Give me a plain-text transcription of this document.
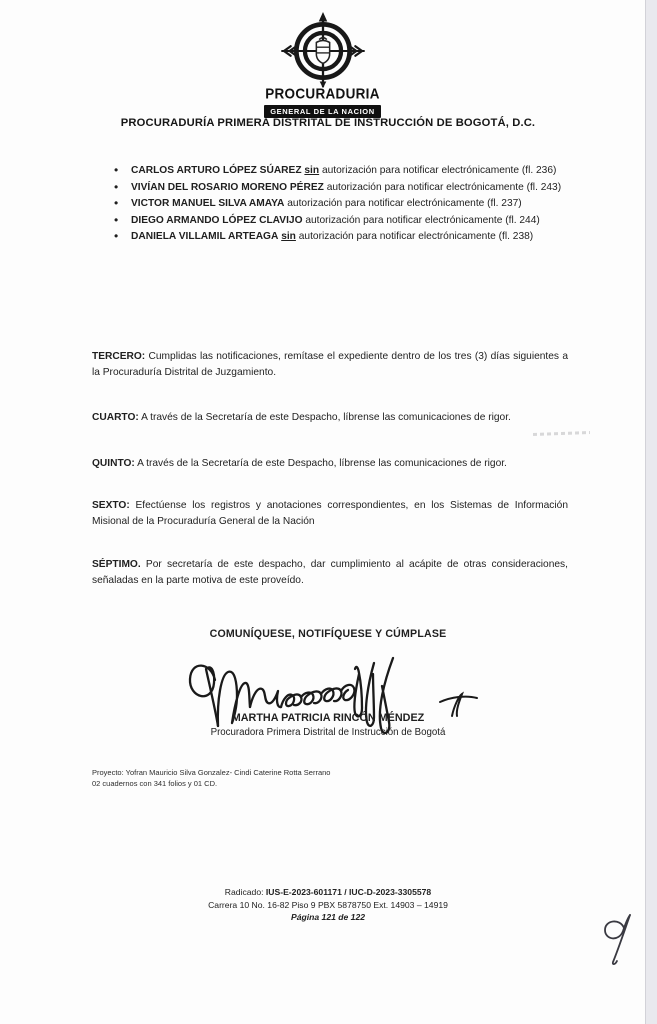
PROCURADURIA
GENERAL DE LA NACION
PROCURADURÍA PRIMERA DISTRITAL DE INSTRUCCIÓN DE BOGOTÁ, D.C.
• CARLOS ARTURO LÓPEZ SÚAREZ sin autorización para notificar electrónicamente (fl. 236)
• VIVÍAN DEL ROSARIO MORENO PÉREZ autorización para notificar electrónicamente (fl. 243)
• VICTOR MANUEL SILVA AMAYA autorización para notificar electrónicamente (fl. 237)
• DIEGO ARMANDO LÓPEZ CLAVIJO autorización para notificar electrónicamente (fl. 244)
• DANIELA VILLAMIL ARTEAGA sin autorización para notificar electrónicamente (fl. 238)

TERCERO: Cumplidas las notificaciones, remítase el expediente dentro de los tres (3) días siguientes a la Procuraduría Distrital de Juzgamiento.

CUARTO: A través de la Secretaría de este Despacho, líbrense las comunicaciones de rigor.

QUINTO: A través de la Secretaría de este Despacho, líbrense las comunicaciones de rigor.

SEXTO: Efectúense los registros y anotaciones correspondientes, en los Sistemas de Información Misional de la Procuraduría General de la Nación

SÉPTIMO. Por secretaría de este despacho, dar cumplimiento al acápite de otras consideraciones, señaladas en la parte motiva de este proveído.

COMUNÍQUESE, NOTIFÍQUESE Y CÚMPLASE
MARTHA PATRICIA RINCÓN MÉNDEZ
Procuradora Primera Distrital de Instrucción de Bogotá
Proyecto: Yofran Mauricio Silva Gonzalez- Cindi Caterine Rotta Serrano
02 cuadernos con 341 folios y 01 CD.
Radicado: IUS-E-2023-601171 / IUC-D-2023-3305578
Carrera 10 No. 16-82 Piso 9 PBX 5878750 Ext. 14903 – 14919
Página 121 de 122
